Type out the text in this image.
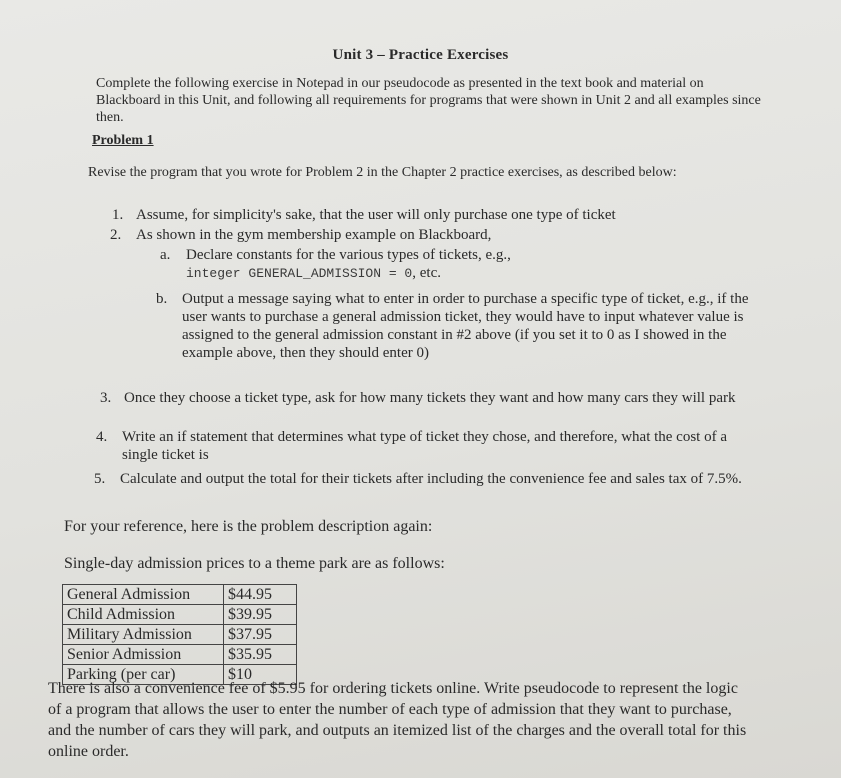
Unit 3 – Practice Exercises
Complete the following exercise in Notepad in our pseudocode as presented in the text book and material on Blackboard in this Unit, and following all requirements for programs that were shown in Unit 2 and all examples since then.
Problem 1
Revise the program that you wrote for Problem 2 in the Chapter 2 practice exercises, as described below:
1. Assume, for simplicity's sake, that the user will only purchase one type of ticket
2. As shown in the gym membership example on Blackboard,
a. Declare constants for the various types of tickets, e.g.,
integer GENERAL_ADMISSION = 0, etc.
b. Output a message saying what to enter in order to purchase a specific type of ticket, e.g., if the user wants to purchase a general admission ticket, they would have to input whatever value is assigned to the general admission constant in #2 above (if you set it to 0 as I showed in the example above, then they should enter 0)
3. Once they choose a ticket type, ask for how many tickets they want and how many cars they will park
4. Write an if statement that determines what type of ticket they chose, and therefore, what the cost of a single ticket is
5. Calculate and output the total for their tickets after including the convenience fee and sales tax of 7.5%.
For your reference, here is the problem description again:
Single-day admission prices to a theme park are as follows:
General Admission	$44.95
Child Admission	$39.95
Military Admission	$37.95
Senior Admission	$35.95
Parking (per car)	$10
There is also a convenience fee of $5.95 for ordering tickets online. Write pseudocode to represent the logic of a program that allows the user to enter the number of each type of admission that they want to purchase, and the number of cars they will park, and outputs an itemized list of the charges and the overall total for this online order.
